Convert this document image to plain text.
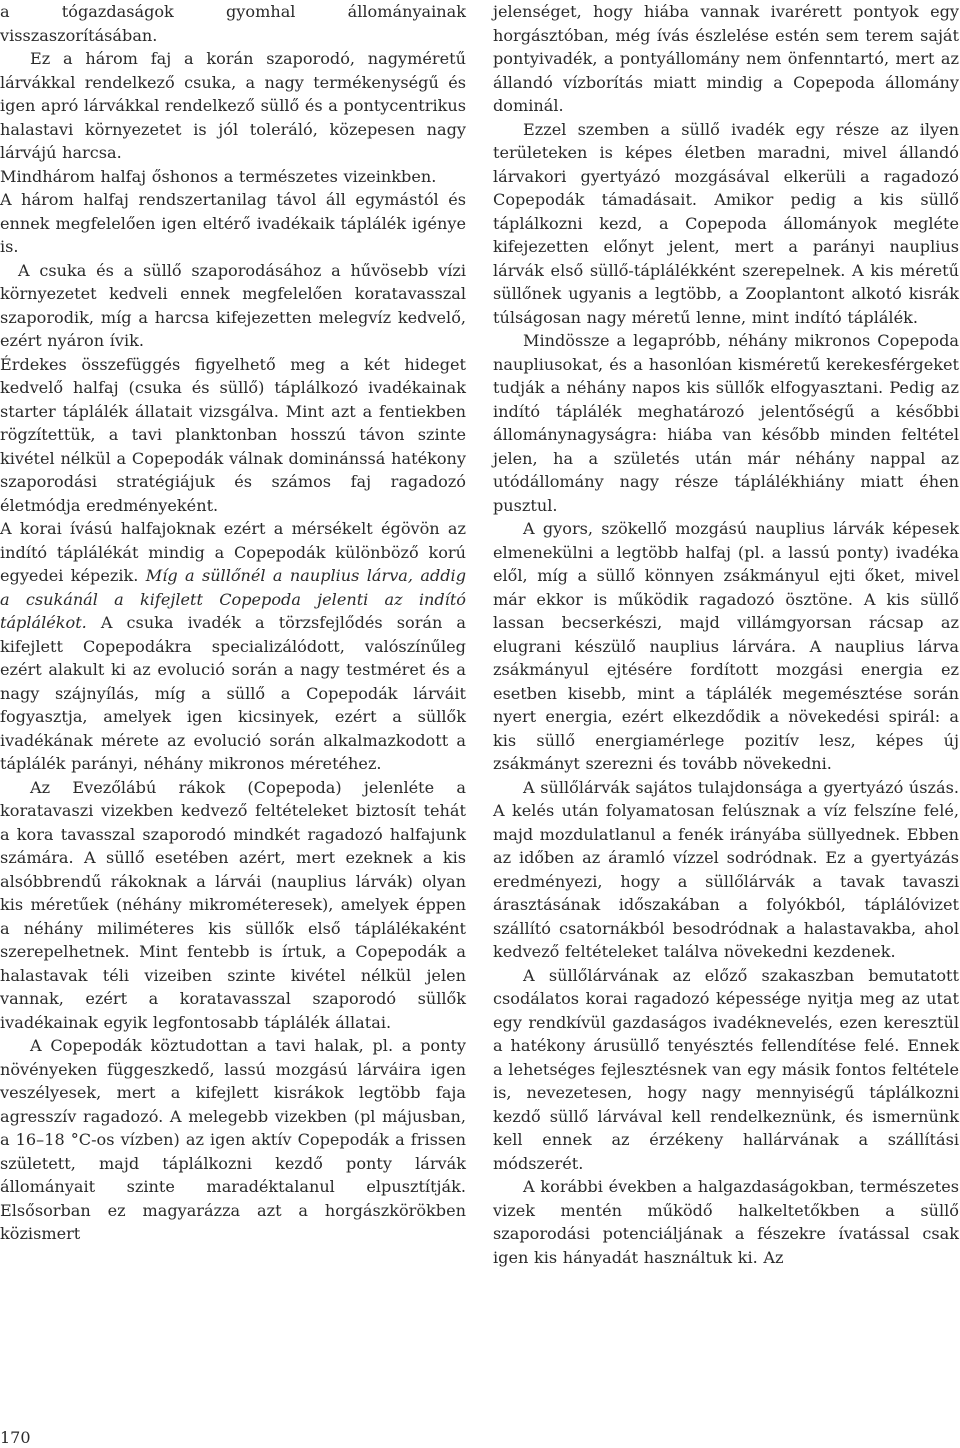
a tógazdaságok gyomhal állományainak visszaszorításában.

Ez a három faj a korán szaporodó, nagyméretű lárvákkal rendelkező csuka, a nagy termékenységű és igen apró lárvákkal rendelkező süllő és a pontycentrikus halastavi környezetet is jól toleráló, közepesen nagy lárvájú harcsa.

Mindhárom halfaj őshonos a természetes vizeinkben.

A három halfaj rendszertanilag távol áll egymástól és ennek megfelelően igen eltérő ivadékaik táplálék igénye is.

A csuka és a süllő szaporodásához a hűvösebb vízi környezetet kedveli ennek megfelelően koratavasszal szaporodik, míg a harcsa kifejezetten melegvíz kedvelő, ezért nyáron ívik.

Érdekes összefüggés figyelhető meg a két hideget kedvelő halfaj (csuka és süllő) táplálkozó ivadékainak starter táplálék állatait vizsgálva. Mint azt a fentiekben rögzítettük, a tavi planktonban hosszú távon szinte kivétel nélkül a Copepodák válnak dominánssá hatékony szaporodási stratégiájuk és számos faj ragadozó életmódja eredményeként.

A korai ívású halfajoknak ezért a mérsékelt égövön az indító táplálékát mindig a Copepodák különböző korú egyedei képezik. Míg a süllőnél a nauplius lárva, addig a csukánál a kifejlett Copepoda jelenti az indító táplálékot. A csuka ivadék a törzsfejlődés során a kifejlett Copepodákra specializálódott, valószínűleg ezért alakult ki az evolució során a nagy testméret és a nagy szájnyílás, míg a süllő a Copepodák lárváit fogyasztja, amelyek igen kicsinyek, ezért a süllők ivadékának mérete az evolució során alkalmazkodott a táplálék parányi, néhány mikronos méretéhez.

Az Evezőlábú rákok (Copepoda) jelenléte a koratavaszi vizekben kedvező feltételeket biztosít tehát a kora tavasszal szaporodó mindkét ragadozó halfajunk számára. A süllő esetében azért, mert ezeknek a kis alsóbbrendű rákoknak a lárvái (nauplius lárvák) olyan kis méretűek (néhány mikrométeresek), amelyek éppen a néhány miliméteres kis süllők első táplálékaként szerepelhetnek. Mint fentebb is írtuk, a Copepodák a halastavak téli vizeiben szinte kivétel nélkül jelen vannak, ezért a koratavasszal szaporodó süllők ivadékainak egyik legfontosabb táplálék állatai.

A Copepodák köztudottan a tavi halak, pl. a ponty növényeken függeszkedő, lassú mozgású lárváira igen veszélyesek, mert a kifejlett kisrákok legtöbb faja agresszív ragadozó. A melegebb vizekben (pl májusban, a 16–18 °C-os vízben) az igen aktív Copepodák a frissen született, majd táplálkozni kezdő ponty lárvák állományait szinte maradéktalanul elpusztítják. Elsősorban ez magyarázza azt a horgászkörökben közismert

jelenséget, hogy hiába vannak ivarérett pontyok egy horgásztóban, még ívás észlelése estén sem terem saját pontyivadék, a pontyállomány nem önfenntartó, mert az állandó vízborítás miatt mindig a Copepoda állomány dominál.

Ezzel szemben a süllő ivadék egy része az ilyen területeken is képes életben maradni, mivel állandó lárvakori gyertyázó mozgásával elkerüli a ragadozó Copepodák támadásait. Amikor pedig a kis süllő táplálkozni kezd, a Copepoda állományok megléte kifejezetten előnyt jelent, mert a parányi nauplius lárvák első süllő-táplálékként szerepelnek. A kis méretű süllőnek ugyanis a legtöbb, a Zooplantont alkotó kisrák túlságosan nagy méretű lenne, mint indító táplálék.

Mindössze a legapróbb, néhány mikronos Copepoda naupliusokat, és a hasonlóan kisméretű kerekesférgeket tudják a néhány napos kis süllők elfogyasztani. Pedig az indító táplálék meghatározó jelentőségű a későbbi állománynagyságra: hiába van később minden feltétel jelen, ha a születés után már néhány nappal az utódállomány nagy része táplálékhiány miatt éhen pusztul.

A gyors, szökellő mozgású nauplius lárvák képesek elmenekülni a legtöbb halfaj (pl. a lassú ponty) ivadéka elől, míg a süllő könnyen zsákmányul ejti őket, mivel már ekkor is működik ragadozó ösztöne. A kis süllő lassan becserkészi, majd villámgyorsan rácsap az elugrani készülő nauplius lárvára. A nauplius lárva zsákmányul ejtésére fordított mozgási energia ez esetben kisebb, mint a táplálék megemésztése során nyert energia, ezért elkezdődik a növekedési spirál: a kis süllő energiamérlege pozitív lesz, képes új zsákmányt szerezni és tovább növekedni.

A süllőlárvák sajátos tulajdonsága a gyertyázó úszás. A kelés után folyamatosan felúsznak a víz felszíne felé, majd mozdulatlanul a fenék irányába süllyednek. Ebben az időben az áramló vízzel sodródnak. Ez a gyertyázás eredményezi, hogy a süllőlárvák a tavak tavaszi árasztásának időszakában a folyókból, táplálóvizet szállító csatornákból besodródnak a halastavakba, ahol kedvező feltételeket találva növekedni kezdenek.

A süllőlárvának az előző szakaszban bemutatott csodálatos korai ragadozó képessége nyitja meg az utat egy rendkívül gazdaságos ivadéknevelés, ezen keresztül a hatékony árusüllő tenyésztés fellendítése felé. Ennek a lehetséges fejlesztésnek van egy másik fontos feltétele is, nevezetesen, hogy nagy mennyiségű táplálkozni kezdő süllő lárvával kell rendelkeznünk, és ismernünk kell ennek az érzékeny hallárvának a szállítási módszerét.

A korábbi években a halgazdaságokban, természetes vizek mentén működő halkeltetőkben a süllő szaporodási potenciáljának a fészekre ívatással csak igen kis hányadát használtuk ki. Az

170
